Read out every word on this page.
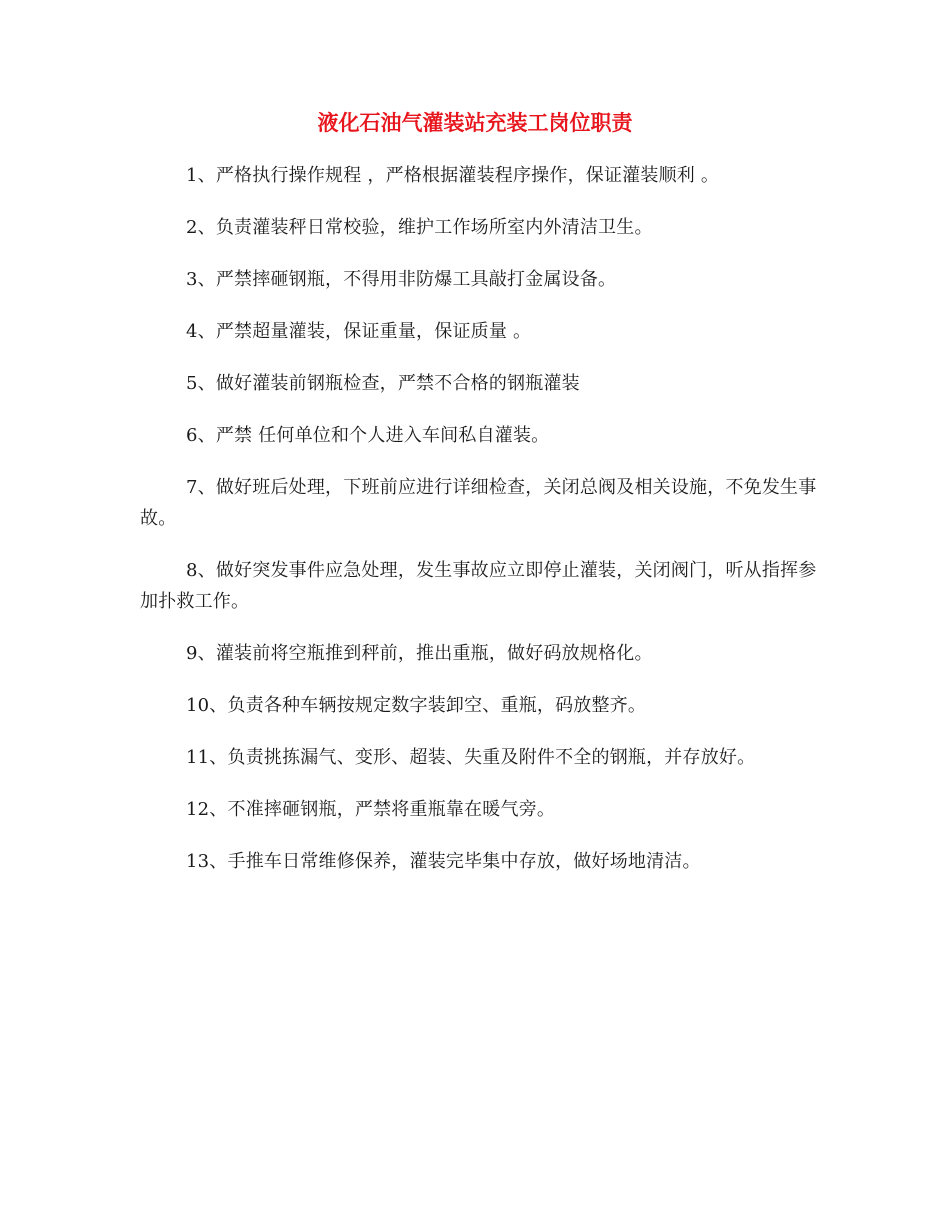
液化石油气灌装站充装工岗位职责

1、严格执行操作规程 ，严格根据灌装程序操作，保证灌装顺利 。

2、负责灌装秤日常校验，维护工作场所室内外清洁卫生。

3、严禁摔砸钢瓶，不得用非防爆工具敲打金属设备。

4、严禁超量灌装，保证重量，保证质量 。

5、做好灌装前钢瓶检查，严禁不合格的钢瓶灌装

6、严禁 任何单位和个人进入车间私自灌装。

7、做好班后处理，下班前应进行详细检查，关闭总阀及相关设施，不免发生事故。

8、做好突发事件应急处理，发生事故应立即停止灌装，关闭阀门，听从指挥参加扑救工作。

9、灌装前将空瓶推到秤前，推出重瓶，做好码放规格化。

10、负责各种车辆按规定数字装卸空、重瓶，码放整齐。

11、负责挑拣漏气、变形、超装、失重及附件不全的钢瓶，并存放好。

12、不准摔砸钢瓶，严禁将重瓶靠在暖气旁。

13、手推车日常维修保养，灌装完毕集中存放，做好场地清洁。
